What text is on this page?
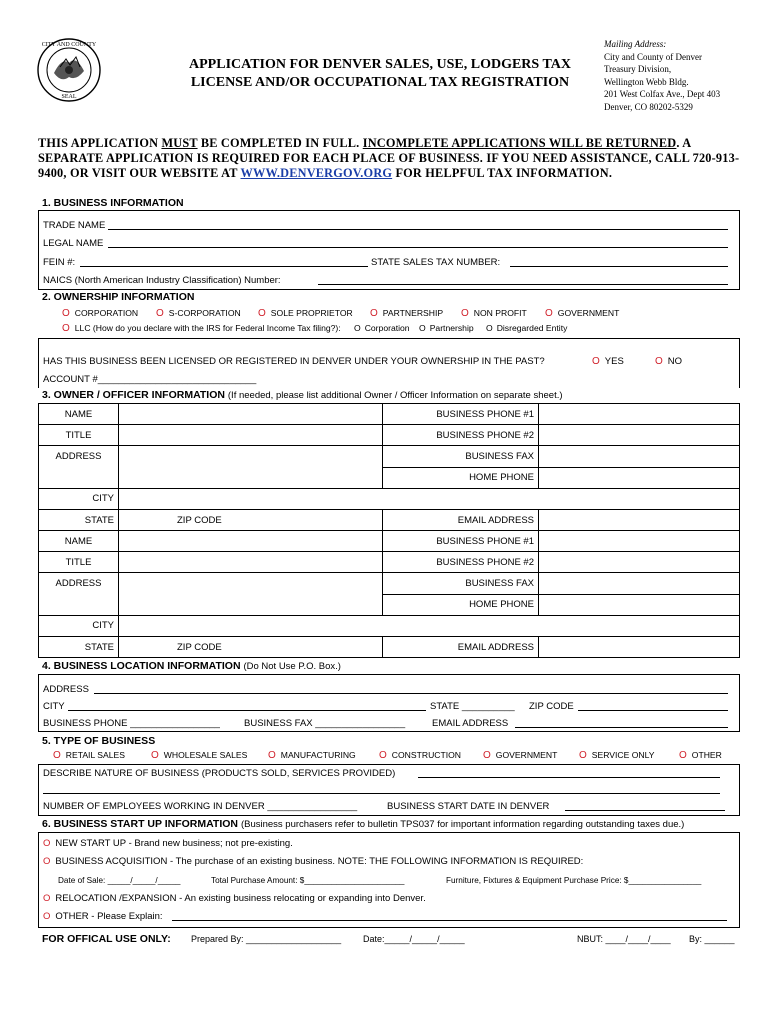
CITY AND COUNTY
SEAL
APPLICATION FOR DENVER SALES, USE, LODGERS TAX
LICENSE AND/OR OCCUPATIONAL TAX REGISTRATION
Mailing Address:
City and County of Denver
Treasury Division,
Wellington Webb Bldg.
201 West Colfax Ave., Dept 403
Denver, CO 80202-5329
THIS APPLICATION MUST BE COMPLETED IN FULL. INCOMPLETE APPLICATIONS WILL BE RETURNED. A SEPARATE APPLICATION IS REQUIRED FOR EACH PLACE OF BUSINESS. IF YOU NEED ASSISTANCE, CALL 720-913-9400, OR VISIT OUR WEBSITE AT WWW.DENVERGOV.ORG FOR HELPFUL TAX INFORMATION.
1. BUSINESS INFORMATION
TRADE NAME
LEGAL NAME
FEIN #:	STATE SALES TAX NUMBER:
NAICS (North American Industry Classification) Number:
2. OWNERSHIP INFORMATION
O CORPORATION O S-CORPORATION O SOLE PROPRIETOR O PARTNERSHIP O NON PROFIT O GOVERNMENT
O LLC (How do you declare with the IRS for Federal Income Tax filing?): O Corporation O Partnership O Disregarded Entity
HAS THIS BUSINESS BEEN LICENSED OR REGISTERED IN DENVER UNDER YOUR OWNERSHIP IN THE PAST?	O YES	O NO
ACCOUNT #______________________________
3. OWNER / OFFICER INFORMATION (If needed, please list additional Owner / Officer Information on separate sheet.)
NAME		BUSINESS PHONE #1	
TITLE		BUSINESS PHONE #2	
ADDRESS		BUSINESS FAX	
		HOME PHONE	
CITY			
STATE	ZIP CODE	EMAIL ADDRESS	
NAME		BUSINESS PHONE #1	
TITLE		BUSINESS PHONE #2	
ADDRESS		BUSINESS FAX	
		HOME PHONE	
CITY			
STATE	ZIP CODE	EMAIL ADDRESS	
4. BUSINESS LOCATION INFORMATION (Do Not Use P.O. Box.)
ADDRESS
CITY	STATE __________ ZIP CODE
BUSINESS PHONE _________________	BUSINESS FAX _________________	EMAIL ADDRESS
5. TYPE OF BUSINESS
O RETAIL SALES	O WHOLESALE SALES O MANUFACTURING O CONSTRUCTION O GOVERNMENT O SERVICE ONLY O OTHER
DESCRIBE NATURE OF BUSINESS (PRODUCTS SOLD, SERVICES PROVIDED)
NUMBER OF EMPLOYEES WORKING IN DENVER _________________	BUSINESS START DATE IN DENVER
6. BUSINESS START UP INFORMATION (Business purchasers refer to bulletin TPS037 for important information regarding outstanding taxes due.)
O NEW START UP - Brand new business; not pre-existing.
O BUSINESS ACQUISITION - The purchase of an existing business. NOTE: THE FOLLOWING INFORMATION IS REQUIRED:
Date of Sale: _____/_____/_____	Total Purchase Amount: $______________________	Furniture, Fixtures & Equipment Purchase Price: $________________
O RELOCATION /EXPANSION - An existing business relocating or expanding into Denver.
O OTHER - Please Explain:
FOR OFFICAL USE ONLY: Prepared By: ___________________ Date:_____/_____/_____	NBUT: ____/____/____ By: ______
